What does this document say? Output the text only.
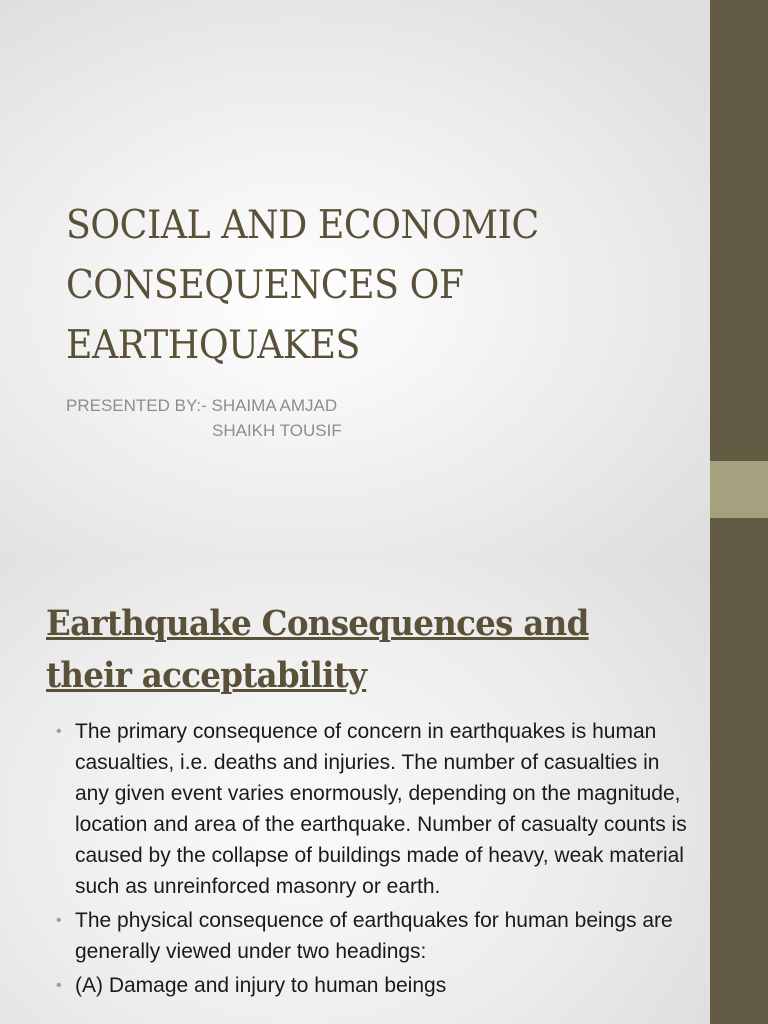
SOCIAL AND ECONOMIC
CONSEQUENCES OF
EARTHQUAKES

PRESENTED BY:- SHAIMA AMJAD

SHAIKH TOUSIF

Earthquake Consequences and
their acceptability
• The primary consequence of concern in earthquakes is human casualties, i.e. deaths and injuries. The number of casualties in any given event varies enormously, depending on the magnitude, location and area of the earthquake. Number of casualty counts is caused by the collapse of buildings made of heavy, weak material such as unreinforced masonry or earth.
• The physical consequence of earthquakes for human beings are generally viewed under two headings:
• (A) Damage and injury to human beings
